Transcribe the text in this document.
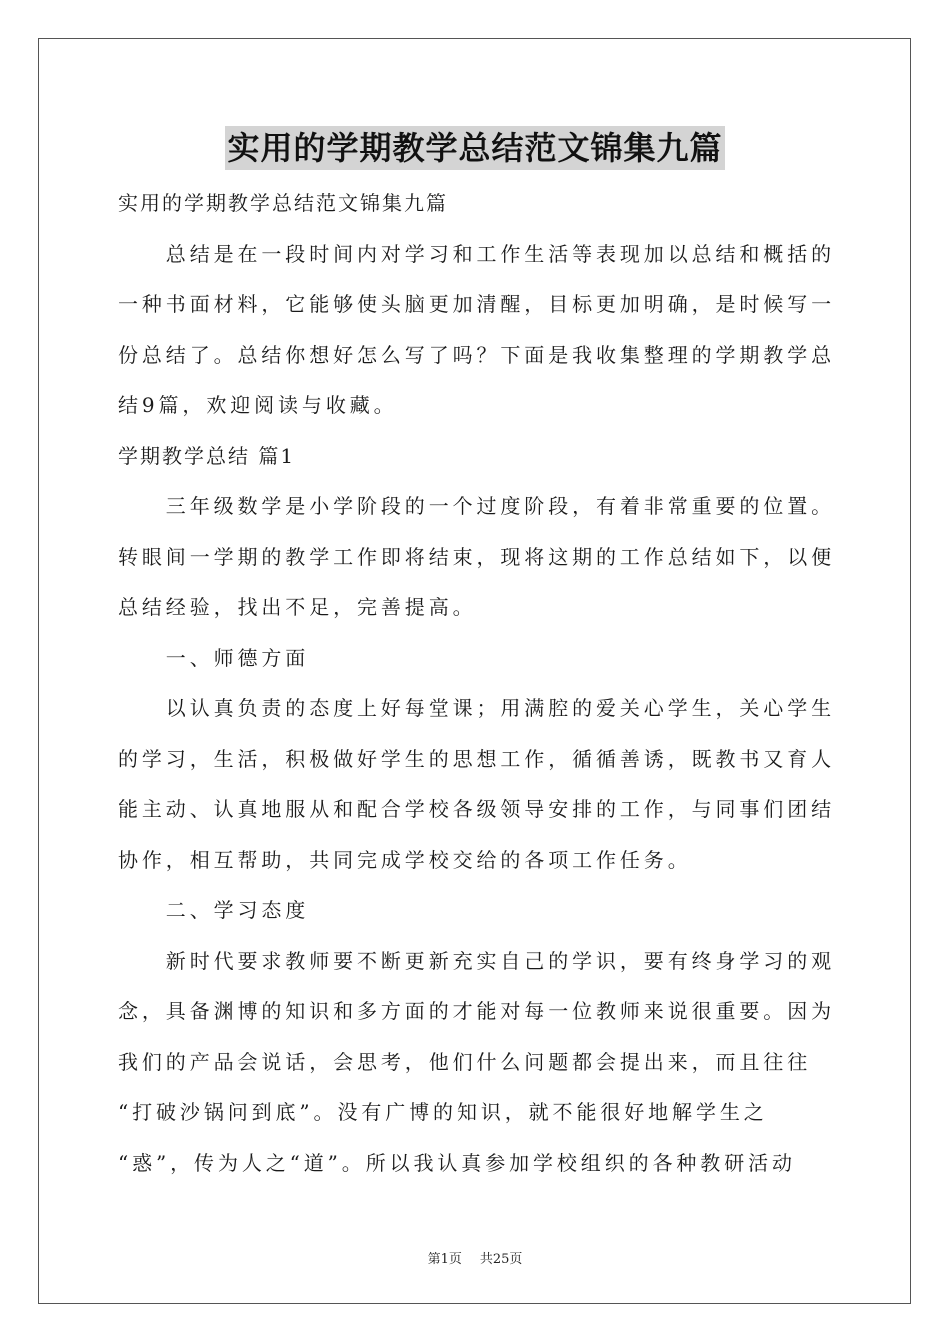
实用的学期教学总结范文锦集九篇
实用的学期教学总结范文锦集九篇
　　总结是在一段时间内对学习和工作生活等表现加以总结和概括的
一种书面材料，它能够使头脑更加清醒，目标更加明确，是时候写一
份总结了。总结你想好怎么写了吗？下面是我收集整理的学期教学总
结9篇，欢迎阅读与收藏。
学期教学总结 篇1
　　三年级数学是小学阶段的一个过度阶段，有着非常重要的位置。
转眼间一学期的教学工作即将结束，现将这期的工作总结如下，以便
总结经验，找出不足，完善提高。
　　一、师德方面
　　以认真负责的态度上好每堂课；用满腔的爱关心学生，关心学生
的学习，生活，积极做好学生的思想工作，循循善诱，既教书又育人
能主动、认真地服从和配合学校各级领导安排的工作，与同事们团结
协作，相互帮助，共同完成学校交给的各项工作任务。
　　二、学习态度
　　新时代要求教师要不断更新充实自己的学识，要有终身学习的观
念，具备渊博的知识和多方面的才能对每一位教师来说很重要。因为
我们的产品会说话，会思考，他们什么问题都会提出来，而且往往
“打破沙锅问到底”。没有广博的知识，就不能很好地解学生之
“惑”，传为人之“道”。所以我认真参加学校组织的各种教研活动
第1页 共25页
